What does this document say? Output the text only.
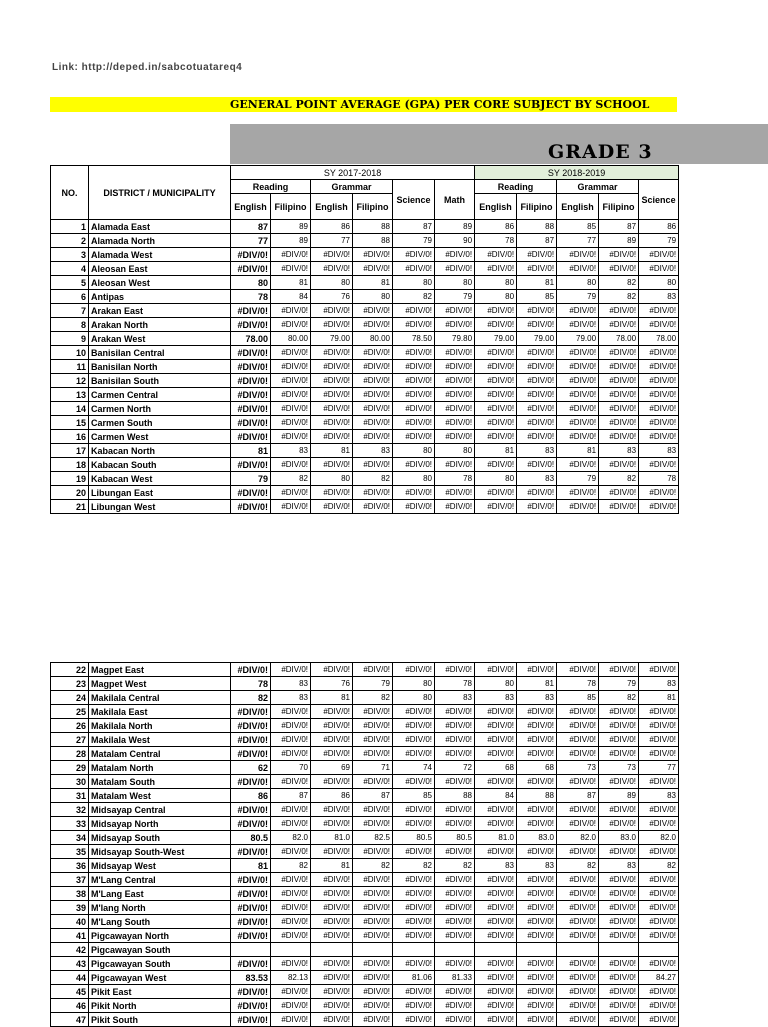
Link: http://deped.in/sabcotuatareq4
GENERAL POINT AVERAGE (GPA) PER CORE SUBJECT BY SCHOOL
GRADE 3
NO.	DISTRICT / MUNICIPALITY	SY 2017-2018						SY 2018-2019				
		Reading		Grammar		Science	Math	Reading		Grammar		Science
		English	Filipino	English	Filipino			English	Filipino	English	Filipino	
1	Alamada East	87	89	86	88	87	89	86	88	85	87	86
2	Alamada North	77	89	77	88	79	90	78	87	77	89	79
3	Alamada West	#DIV/0!	#DIV/0!	#DIV/0!	#DIV/0!	#DIV/0!	#DIV/0!	#DIV/0!	#DIV/0!	#DIV/0!	#DIV/0!	#DIV/0!
4	Aleosan East	#DIV/0!	#DIV/0!	#DIV/0!	#DIV/0!	#DIV/0!	#DIV/0!	#DIV/0!	#DIV/0!	#DIV/0!	#DIV/0!	#DIV/0!
5	Aleosan West	80	81	80	81	80	80	80	81	80	82	80
6	Antipas	78	84	76	80	82	79	80	85	79	82	83
7	Arakan East	#DIV/0!	#DIV/0!	#DIV/0!	#DIV/0!	#DIV/0!	#DIV/0!	#DIV/0!	#DIV/0!	#DIV/0!	#DIV/0!	#DIV/0!
8	Arakan North	#DIV/0!	#DIV/0!	#DIV/0!	#DIV/0!	#DIV/0!	#DIV/0!	#DIV/0!	#DIV/0!	#DIV/0!	#DIV/0!	#DIV/0!
9	Arakan West	78.00	80.00	79.00	80.00	78.50	79.80	79.00	79.00	79.00	78.00	78.00
10	Banisilan Central	#DIV/0!	#DIV/0!	#DIV/0!	#DIV/0!	#DIV/0!	#DIV/0!	#DIV/0!	#DIV/0!	#DIV/0!	#DIV/0!	#DIV/0!
11	Banisilan North	#DIV/0!	#DIV/0!	#DIV/0!	#DIV/0!	#DIV/0!	#DIV/0!	#DIV/0!	#DIV/0!	#DIV/0!	#DIV/0!	#DIV/0!
12	Banisilan South	#DIV/0!	#DIV/0!	#DIV/0!	#DIV/0!	#DIV/0!	#DIV/0!	#DIV/0!	#DIV/0!	#DIV/0!	#DIV/0!	#DIV/0!
13	Carmen Central	#DIV/0!	#DIV/0!	#DIV/0!	#DIV/0!	#DIV/0!	#DIV/0!	#DIV/0!	#DIV/0!	#DIV/0!	#DIV/0!	#DIV/0!
14	Carmen North	#DIV/0!	#DIV/0!	#DIV/0!	#DIV/0!	#DIV/0!	#DIV/0!	#DIV/0!	#DIV/0!	#DIV/0!	#DIV/0!	#DIV/0!
15	Carmen South	#DIV/0!	#DIV/0!	#DIV/0!	#DIV/0!	#DIV/0!	#DIV/0!	#DIV/0!	#DIV/0!	#DIV/0!	#DIV/0!	#DIV/0!
16	Carmen West	#DIV/0!	#DIV/0!	#DIV/0!	#DIV/0!	#DIV/0!	#DIV/0!	#DIV/0!	#DIV/0!	#DIV/0!	#DIV/0!	#DIV/0!
17	Kabacan North	81	83	81	83	80	80	81	83	81	83	83
18	Kabacan South	#DIV/0!	#DIV/0!	#DIV/0!	#DIV/0!	#DIV/0!	#DIV/0!	#DIV/0!	#DIV/0!	#DIV/0!	#DIV/0!	#DIV/0!
19	Kabacan West	79	82	80	82	80	78	80	83	79	82	78
20	Libungan East	#DIV/0!	#DIV/0!	#DIV/0!	#DIV/0!	#DIV/0!	#DIV/0!	#DIV/0!	#DIV/0!	#DIV/0!	#DIV/0!	#DIV/0!
21	Libungan West	#DIV/0!	#DIV/0!	#DIV/0!	#DIV/0!	#DIV/0!	#DIV/0!	#DIV/0!	#DIV/0!	#DIV/0!	#DIV/0!	#DIV/0!
22	Magpet East	#DIV/0!	#DIV/0!	#DIV/0!	#DIV/0!	#DIV/0!	#DIV/0!	#DIV/0!	#DIV/0!	#DIV/0!	#DIV/0!	#DIV/0!
23	Magpet West	78	83	76	79	80	78	80	81	78	79	83
24	Makilala Central	82	83	81	82	80	83	83	83	85	82	81
25	Makilala East	#DIV/0!	#DIV/0!	#DIV/0!	#DIV/0!	#DIV/0!	#DIV/0!	#DIV/0!	#DIV/0!	#DIV/0!	#DIV/0!	#DIV/0!
26	Makilala North	#DIV/0!	#DIV/0!	#DIV/0!	#DIV/0!	#DIV/0!	#DIV/0!	#DIV/0!	#DIV/0!	#DIV/0!	#DIV/0!	#DIV/0!
27	Makilala West	#DIV/0!	#DIV/0!	#DIV/0!	#DIV/0!	#DIV/0!	#DIV/0!	#DIV/0!	#DIV/0!	#DIV/0!	#DIV/0!	#DIV/0!
28	Matalam Central	#DIV/0!	#DIV/0!	#DIV/0!	#DIV/0!	#DIV/0!	#DIV/0!	#DIV/0!	#DIV/0!	#DIV/0!	#DIV/0!	#DIV/0!
29	Matalam North	62	70	69	71	74	72	68	68	73	73	77
30	Matalam South	#DIV/0!	#DIV/0!	#DIV/0!	#DIV/0!	#DIV/0!	#DIV/0!	#DIV/0!	#DIV/0!	#DIV/0!	#DIV/0!	#DIV/0!
31	Matalam West	86	87	86	87	85	88	84	88	87	89	83
32	Midsayap Central	#DIV/0!	#DIV/0!	#DIV/0!	#DIV/0!	#DIV/0!	#DIV/0!	#DIV/0!	#DIV/0!	#DIV/0!	#DIV/0!	#DIV/0!
33	Midsayap North	#DIV/0!	#DIV/0!	#DIV/0!	#DIV/0!	#DIV/0!	#DIV/0!	#DIV/0!	#DIV/0!	#DIV/0!	#DIV/0!	#DIV/0!
34	Midsayap South	80.5	82.0	81.0	82.5	80.5	80.5	81.0	83.0	82.0	83.0	82.0
35	Midsayap South-West	#DIV/0!	#DIV/0!	#DIV/0!	#DIV/0!	#DIV/0!	#DIV/0!	#DIV/0!	#DIV/0!	#DIV/0!	#DIV/0!	#DIV/0!
36	Midsayap West	81	82	81	82	82	82	83	83	82	83	82
37	M'Lang Central	#DIV/0!	#DIV/0!	#DIV/0!	#DIV/0!	#DIV/0!	#DIV/0!	#DIV/0!	#DIV/0!	#DIV/0!	#DIV/0!	#DIV/0!
38	M'Lang East	#DIV/0!	#DIV/0!	#DIV/0!	#DIV/0!	#DIV/0!	#DIV/0!	#DIV/0!	#DIV/0!	#DIV/0!	#DIV/0!	#DIV/0!
39	M'lang North	#DIV/0!	#DIV/0!	#DIV/0!	#DIV/0!	#DIV/0!	#DIV/0!	#DIV/0!	#DIV/0!	#DIV/0!	#DIV/0!	#DIV/0!
40	M'Lang South	#DIV/0!	#DIV/0!	#DIV/0!	#DIV/0!	#DIV/0!	#DIV/0!	#DIV/0!	#DIV/0!	#DIV/0!	#DIV/0!	#DIV/0!
41	Pigcawayan North	#DIV/0!	#DIV/0!	#DIV/0!	#DIV/0!	#DIV/0!	#DIV/0!	#DIV/0!	#DIV/0!	#DIV/0!	#DIV/0!	#DIV/0!
42	Pigcawayan South											
43	Pigcawayan South	#DIV/0!	#DIV/0!	#DIV/0!	#DIV/0!	#DIV/0!	#DIV/0!	#DIV/0!	#DIV/0!	#DIV/0!	#DIV/0!	#DIV/0!
44	Pigcawayan West	83.53	82.13	#DIV/0!	#DIV/0!	81.06	81.33	#DIV/0!	#DIV/0!	#DIV/0!	#DIV/0!	84.27
45	Pikit East	#DIV/0!	#DIV/0!	#DIV/0!	#DIV/0!	#DIV/0!	#DIV/0!	#DIV/0!	#DIV/0!	#DIV/0!	#DIV/0!	#DIV/0!
46	Pikit North	#DIV/0!	#DIV/0!	#DIV/0!	#DIV/0!	#DIV/0!	#DIV/0!	#DIV/0!	#DIV/0!	#DIV/0!	#DIV/0!	#DIV/0!
47	Pikit South	#DIV/0!	#DIV/0!	#DIV/0!	#DIV/0!	#DIV/0!	#DIV/0!	#DIV/0!	#DIV/0!	#DIV/0!	#DIV/0!	#DIV/0!
